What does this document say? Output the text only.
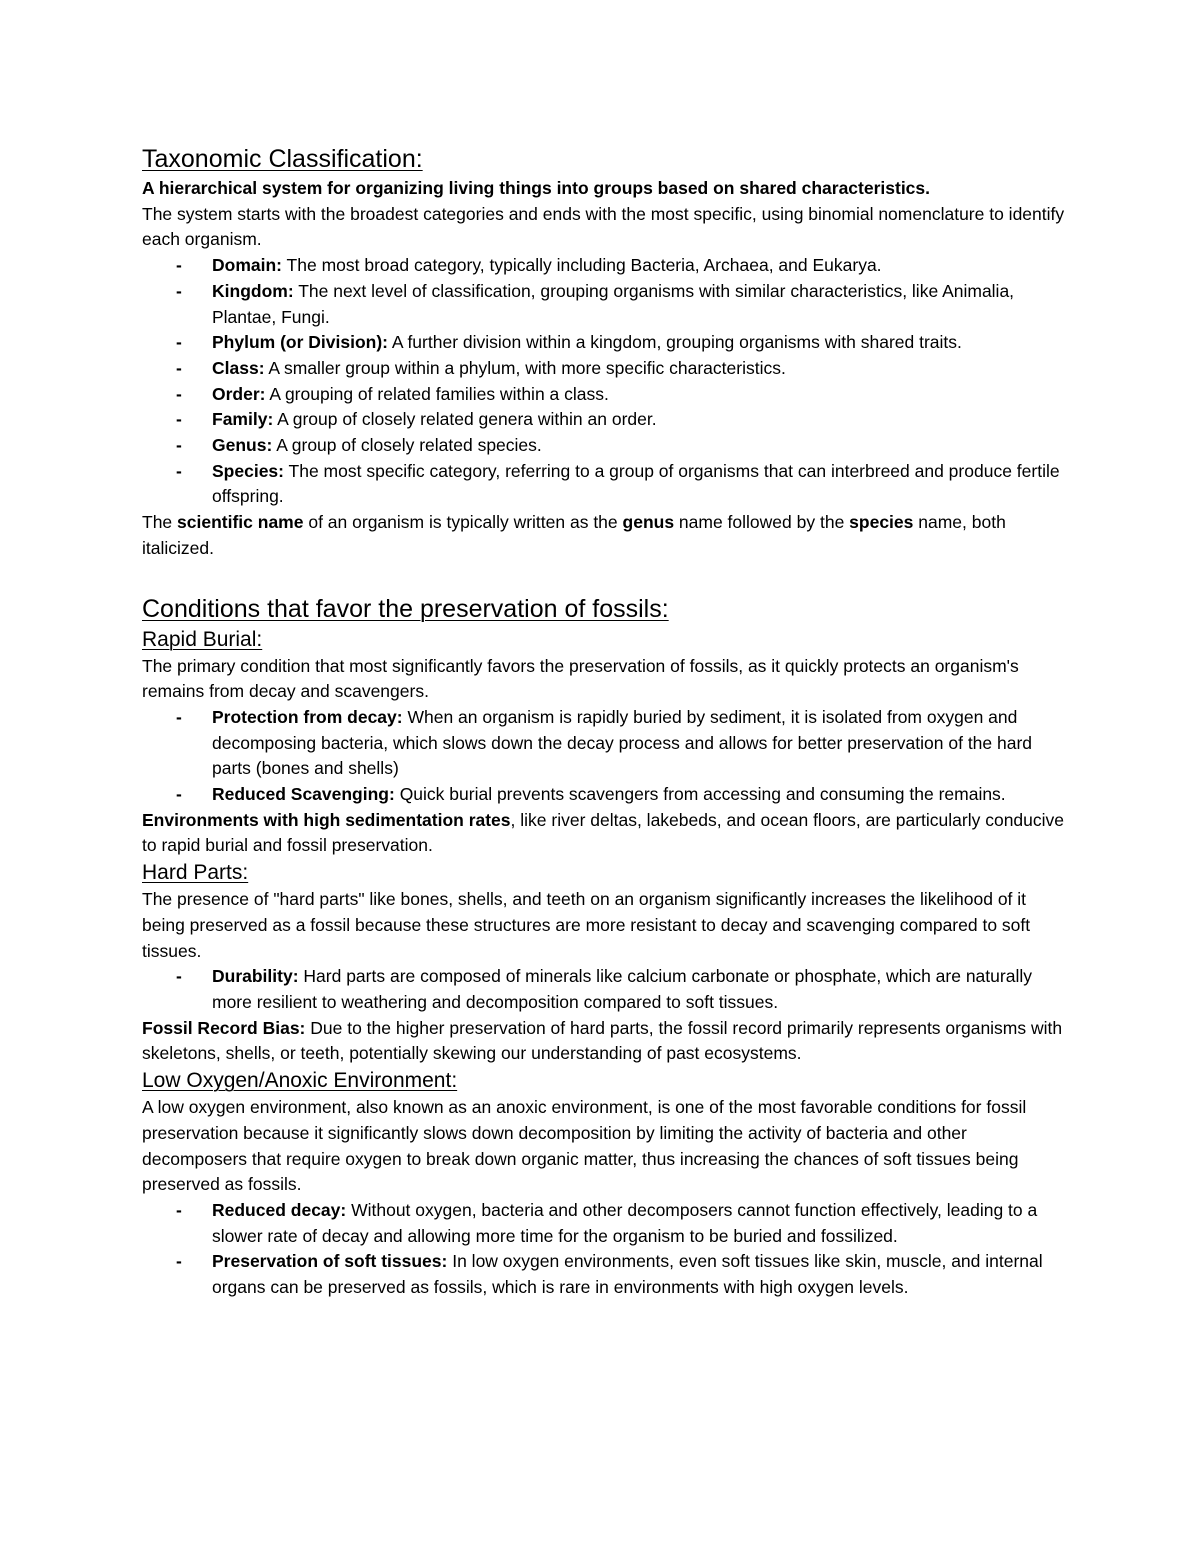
Taxonomic Classification:

A hierarchical system for organizing living things into groups based on shared characteristics.

The system starts with the broadest categories and ends with the most specific, using binomial nomenclature to identify each organism.

- Domain: The most broad category, typically including Bacteria, Archaea, and Eukarya.
- Kingdom: The next level of classification, grouping organisms with similar characteristics, like Animalia, Plantae, Fungi.
- Phylum (or Division): A further division within a kingdom, grouping organisms with shared traits.
- Class: A smaller group within a phylum, with more specific characteristics.
- Order: A grouping of related families within a class.
- Family: A group of closely related genera within an order.
- Genus: A group of closely related species.
- Species: The most specific category, referring to a group of organisms that can interbreed and produce fertile offspring.

The scientific name of an organism is typically written as the genus name followed by the species name, both italicized.

Conditions that favor the preservation of fossils:
Rapid Burial:

The primary condition that most significantly favors the preservation of fossils, as it quickly protects an organism's remains from decay and scavengers.

- Protection from decay: When an organism is rapidly buried by sediment, it is isolated from oxygen and decomposing bacteria, which slows down the decay process and allows for better preservation of the hard parts (bones and shells)
- Reduced Scavenging: Quick burial prevents scavengers from accessing and consuming the remains.

Environments with high sedimentation rates, like river deltas, lakebeds, and ocean floors, are particularly conducive to rapid burial and fossil preservation.

Hard Parts:

The presence of "hard parts" like bones, shells, and teeth on an organism significantly increases the likelihood of it being preserved as a fossil because these structures are more resistant to decay and scavenging compared to soft tissues.

- Durability: Hard parts are composed of minerals like calcium carbonate or phosphate, which are naturally more resilient to weathering and decomposition compared to soft tissues.

Fossil Record Bias: Due to the higher preservation of hard parts, the fossil record primarily represents organisms with skeletons, shells, or teeth, potentially skewing our understanding of past ecosystems.

Low Oxygen/Anoxic Environment:

A low oxygen environment, also known as an anoxic environment, is one of the most favorable conditions for fossil preservation because it significantly slows down decomposition by limiting the activity of bacteria and other decomposers that require oxygen to break down organic matter, thus increasing the chances of soft tissues being preserved as fossils.

- Reduced decay: Without oxygen, bacteria and other decomposers cannot function effectively, leading to a slower rate of decay and allowing more time for the organism to be buried and fossilized.
- Preservation of soft tissues: In low oxygen environments, even soft tissues like skin, muscle, and internal organs can be preserved as fossils, which is rare in environments with high oxygen levels.
